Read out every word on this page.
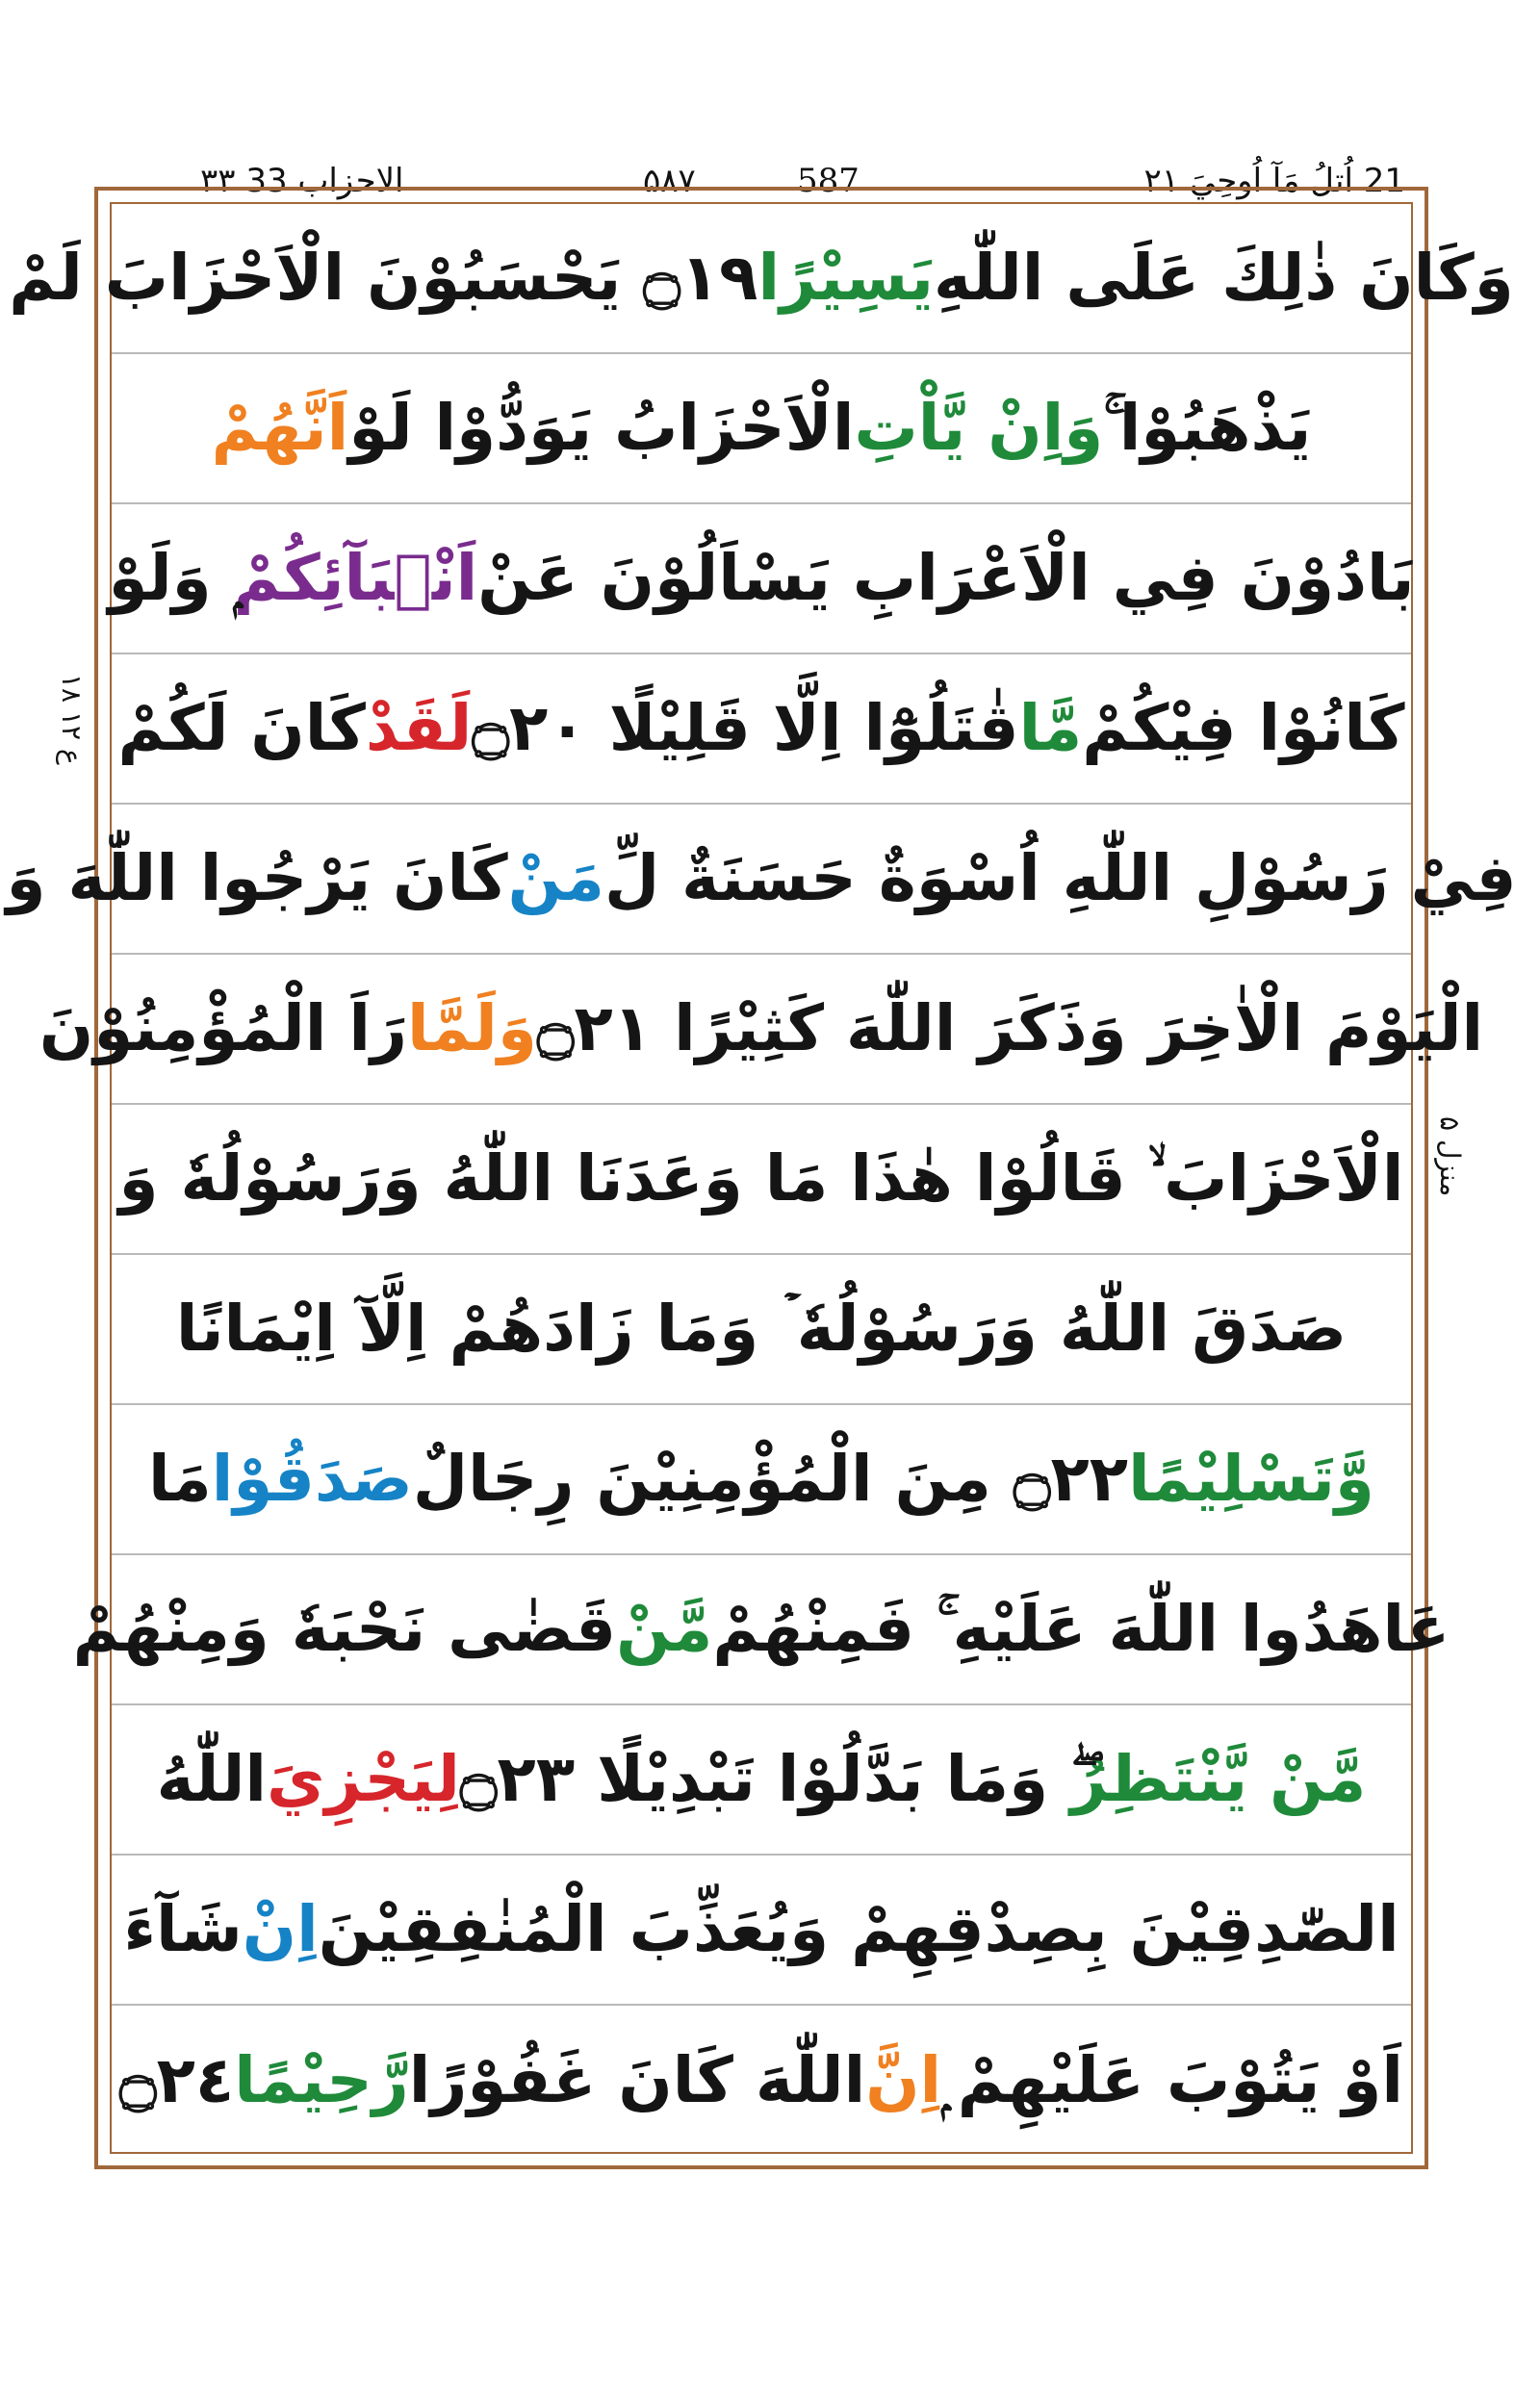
۳۳ الاحزاب 33	۵۸۷	587	21 اُتلُ مَآ اُوحِيَ ۲۱
وَكَانَ ذٰلِكَ عَلَى اللّٰهِ
يَسِيْرًا
۝١٩ يَحْسَبُوْنَ الْاَحْزَابَ لَمْ
يَذْهَبُوْا ۚ
وَاِنْ يَّاْتِ
الْاَحْزَابُ يَوَدُّوْا لَوْ
اَنَّهُمْ
بَادُوْنَ فِي الْاَعْرَابِ يَسْاَلُوْنَ عَنْ
اَنْۢبَآئِكُمْ
ۭ وَلَوْ
كَانُوْا فِيْكُمْ
مَّا
قٰتَلُوْٓا اِلَّا قَلِيْلًا ۝٢٠
لَقَدْ
كَانَ لَكُمْ
فِيْ رَسُوْلِ اللّٰهِ اُسْوَةٌ حَسَنَةٌ لِّ
مَنْ
كَانَ يَرْجُوا اللّٰهَ وَ
الْيَوْمَ الْاٰخِرَ وَذَكَرَ اللّٰهَ كَثِيْرًا ۝٢١
وَلَمَّا
رَاَ الْمُؤْمِنُوْنَ
الْاَحْزَابَ ۙ قَالُوْا هٰذَا مَا وَعَدَنَا اللّٰهُ وَرَسُوْلُهٗ وَ
صَدَقَ اللّٰهُ وَرَسُوْلُهٗ ۡ وَمَا زَادَهُمْ اِلَّآ اِيْمَانًا
وَّتَسْلِيْمًا
۝٢٢ مِنَ الْمُؤْمِنِيْنَ رِجَالٌ
صَدَقُوْا
مَا
عَاهَدُوا اللّٰهَ عَلَيْهِ ۚ فَمِنْهُمْ
مَّنْ
قَضٰى نَحْبَهٗ وَمِنْهُمْ
مَّنْ يَّنْتَظِرُ
ۖ وَمَا بَدَّلُوْا تَبْدِيْلًا ۝٢٣
لِيَجْزِيَ
اللّٰهُ
الصّٰدِقِيْنَ بِصِدْقِهِمْ وَيُعَذِّبَ الْمُنٰفِقِيْنَ
اِنْ
شَآءَ
اَوْ يَتُوْبَ عَلَيْهِمْ ۭ
اِنَّ
اللّٰهَ كَانَ غَفُوْرًا
رَّحِيْمًا
۝٢٤
ع ۱۲ ۱۸
منزل ۵
